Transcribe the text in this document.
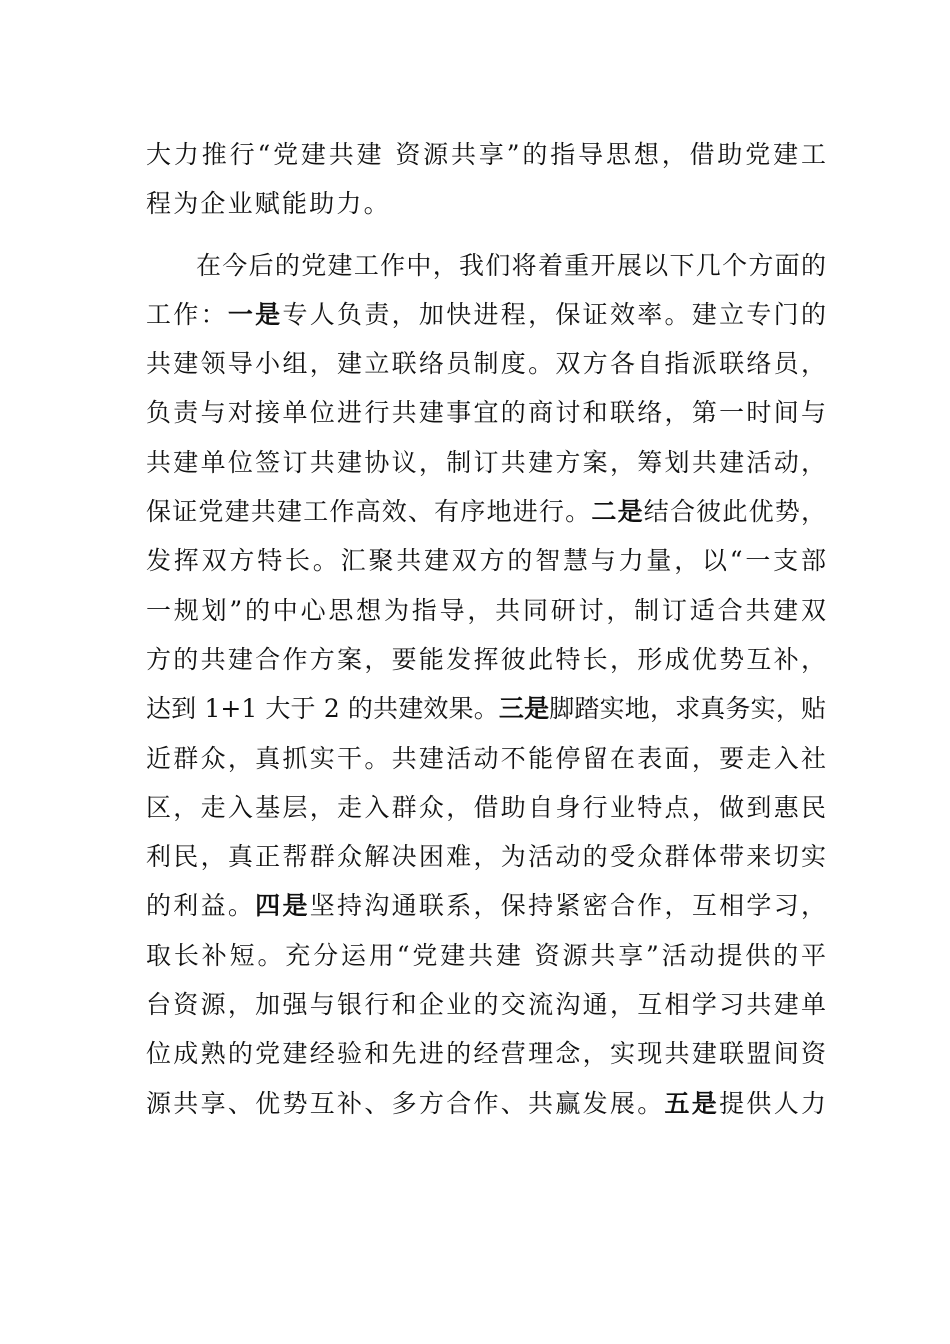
大力推行“党建共建 资源共享”的指导思想，借助党建工
程为企业赋能助力。
在今后的党建工作中，我们将着重开展以下几个方面的
工作：一是专人负责，加快进程，保证效率。建立专门的
共建领导小组，建立联络员制度。双方各自指派联络员，
负责与对接单位进行共建事宜的商讨和联络，第一时间与
共建单位签订共建协议，制订共建方案，筹划共建活动，
保证党建共建工作高效、有序地进行。二是结合彼此优势，
发挥双方特长。汇聚共建双方的智慧与力量，以“一支部
一规划”的中心思想为指导，共同研讨，制订适合共建双
方的共建合作方案，要能发挥彼此特长，形成优势互补，
达到 1+1 大于 2 的共建效果。三是脚踏实地，求真务实，贴
近群众，真抓实干。共建活动不能停留在表面，要走入社
区，走入基层，走入群众，借助自身行业特点，做到惠民
利民，真正帮群众解决困难，为活动的受众群体带来切实
的利益。四是坚持沟通联系，保持紧密合作，互相学习，
取长补短。充分运用“党建共建 资源共享”活动提供的平
台资源，加强与银行和企业的交流沟通，互相学习共建单
位成熟的党建经验和先进的经营理念，实现共建联盟间资
源共享、优势互补、多方合作、共赢发展。五是提供人力
